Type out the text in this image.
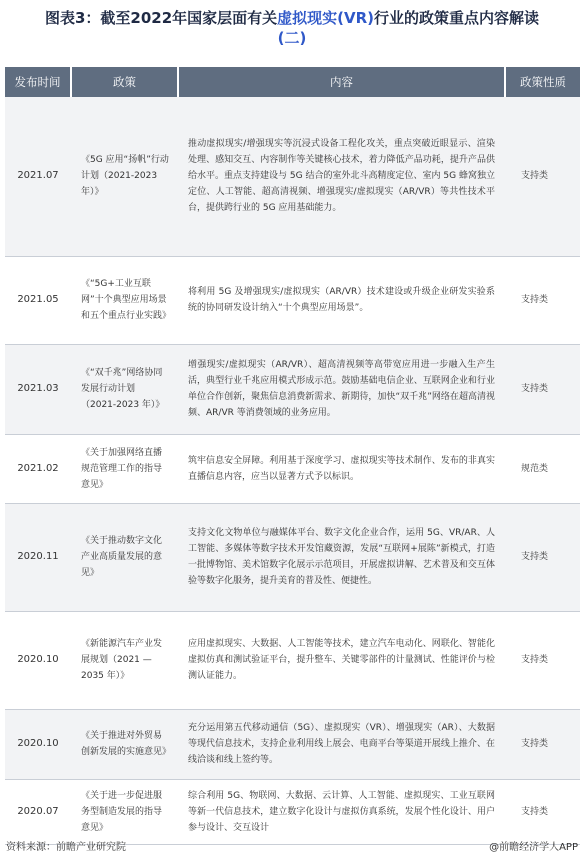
图表3：截至2022年国家层面有关虚拟现实(VR)行业的政策重点内容解读
(二)
发布时间	政策	内容	政策性质
2021.07	《5G 应用“扬帆”行动计划（2021-2023 年）》	推动虚拟现实/增强现实等沉浸式设备工程化攻关，重点突破近眼显示、渲染处理、感知交互、内容制作等关键核心技术，着力降低产品功耗，提升产品供给水平。重点支持建设与 5G 结合的室外北斗高精度定位、室内 5G 蜂窝独立定位、人工智能、超高清视频、增强现实/虚拟现实（AR/VR）等共性技术平台，提供跨行业的 5G 应用基础能力。	支持类
2021.05	《“5G+工业互联网”十个典型应用场景和五个重点行业实践》	将利用 5G 及增强现实/虚拟现实（AR/VR）技术建设或升级企业研发实验系统的协同研发设计纳入“十个典型应用场景”。	支持类
2021.03	《“双千兆”网络协同发展行动计划（2021-2023 年）》	增强现实/虚拟现实（AR/VR）、超高清视频等高带宽应用进一步融入生产生活，典型行业千兆应用模式形成示范。鼓励基础电信企业、互联网企业和行业单位合作创新，聚焦信息消费新需求、新期待，加快“双千兆”网络在超高清视频、AR/VR 等消费领域的业务应用。	支持类
2021.02	《关于加强网络直播规范管理工作的指导意见》	筑牢信息安全屏障。利用基于深度学习、虚拟现实等技术制作、发布的非真实直播信息内容，应当以显著方式予以标识。	规范类
2020.11	《关于推动数字文化产业高质量发展的意见》	支持文化文物单位与融媒体平台、数字文化企业合作，运用 5G、VR/AR、人工智能、多媒体等数字技术开发馆藏资源，发展“互联网+展陈”新模式，打造一批博物馆、美术馆数字化展示示范项目，开展虚拟讲解、艺术普及和交互体验等数字化服务，提升美育的普及性、便捷性。	支持类
2020.10	《新能源汽车产业发展规划（2021 — 2035 年）》	应用虚拟现实、大数据、人工智能等技术，建立汽车电动化、网联化、智能化虚拟仿真和测试验证平台，提升整车、关键零部件的计量测试、性能评价与检测认证能力。	支持类
2020.10	《关于推进对外贸易创新发展的实施意见》	充分运用第五代移动通信（5G）、虚拟现实（VR）、增强现实（AR）、大数据等现代信息技术，支持企业利用线上展会、电商平台等渠道开展线上推介、在线洽谈和线上签约等。	支持类
2020.07	《关于进一步促进服务型制造发展的指导意见》	综合利用 5G、物联网、大数据、云计算、人工智能、虚拟现实、工业互联网等新一代信息技术，建立数字化设计与虚拟仿真系统，发展个性化设计、用户参与设计、交互设计	支持类
资料来源：前瞻产业研究院	@前瞻经济学人APP
